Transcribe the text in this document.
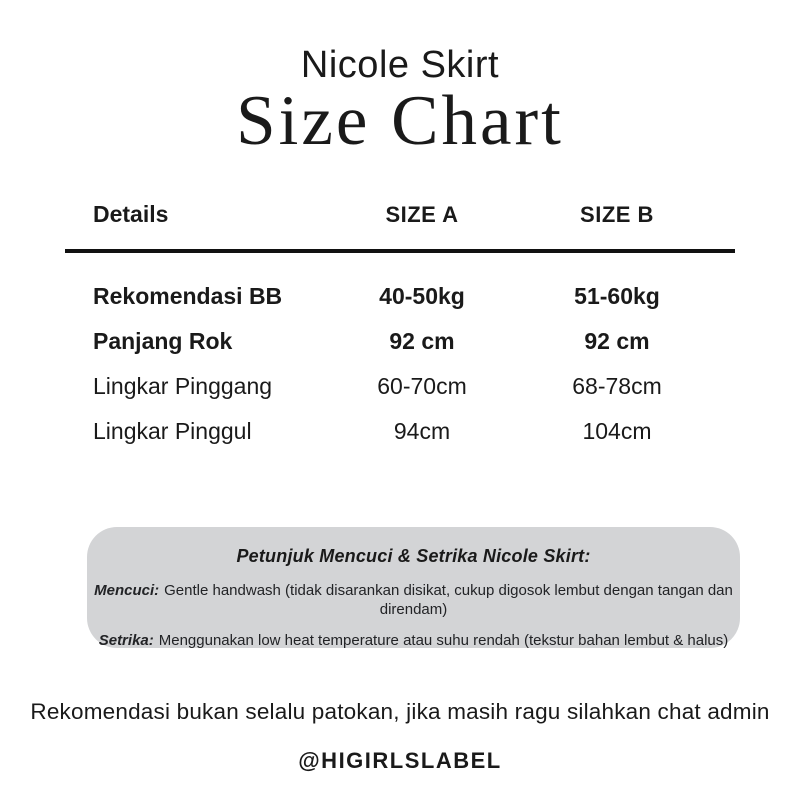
Nicole Skirt
Size Chart
Details	SIZE A	SIZE B
Rekomendasi BB	40-50kg	51-60kg
Panjang Rok	92 cm	92 cm
Lingkar Pinggang	60-70cm	68-78cm
Lingkar Pinggul	94cm	104cm
Petunjuk Mencuci & Setrika Nicole Skirt:

Mencuci: Gentle handwash (tidak disarankan disikat, cukup digosok lembut dengan tangan dan direndam)

Setrika: Menggunakan low heat temperature atau suhu rendah (tekstur bahan lembut & halus)

Rekomendasi bukan selalu patokan, jika masih ragu silahkan chat admin
@HIGIRLSLABEL
